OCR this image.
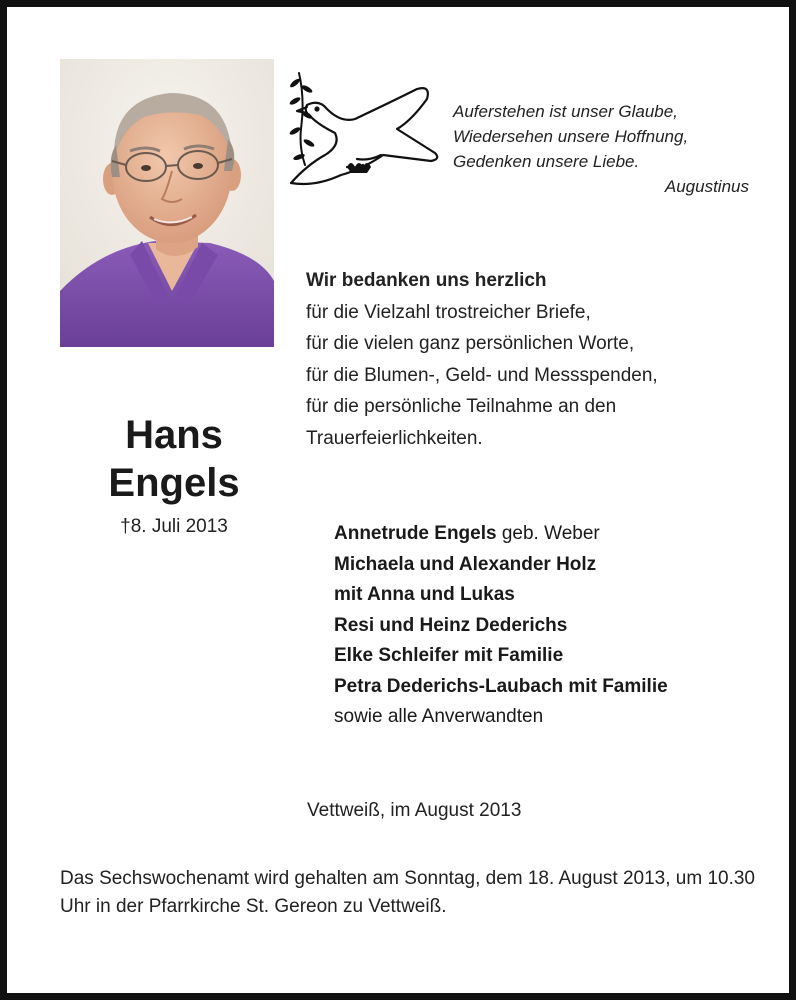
Auferstehen ist unser Glaube,
Wiedersehen unsere Hoffnung,
Gedenken unsere Liebe.
Augustinus
Wir bedanken uns herzlich
für die Vielzahl trostreicher Briefe,
für die vielen ganz persönlichen Worte,
für die Blumen-, Geld- und Messspenden,
für die persönliche Teilnahme an den
Trauerfeierlichkeiten.
Hans
Engels
†8. Juli 2013	Annetrude Engels geb. Weber
Michaela und Alexander Holz
mit Anna und Lukas
Resi und Heinz Dederichs
Elke Schleifer mit Familie
Petra Dederichs-Laubach mit Familie
sowie alle Anverwandten
Vettweiß, im August 2013
Das Sechswochenamt wird gehalten am Sonntag, dem 18. August 2013, um 10.30 Uhr in der Pfarrkirche St. Gereon zu Vettweiß.
